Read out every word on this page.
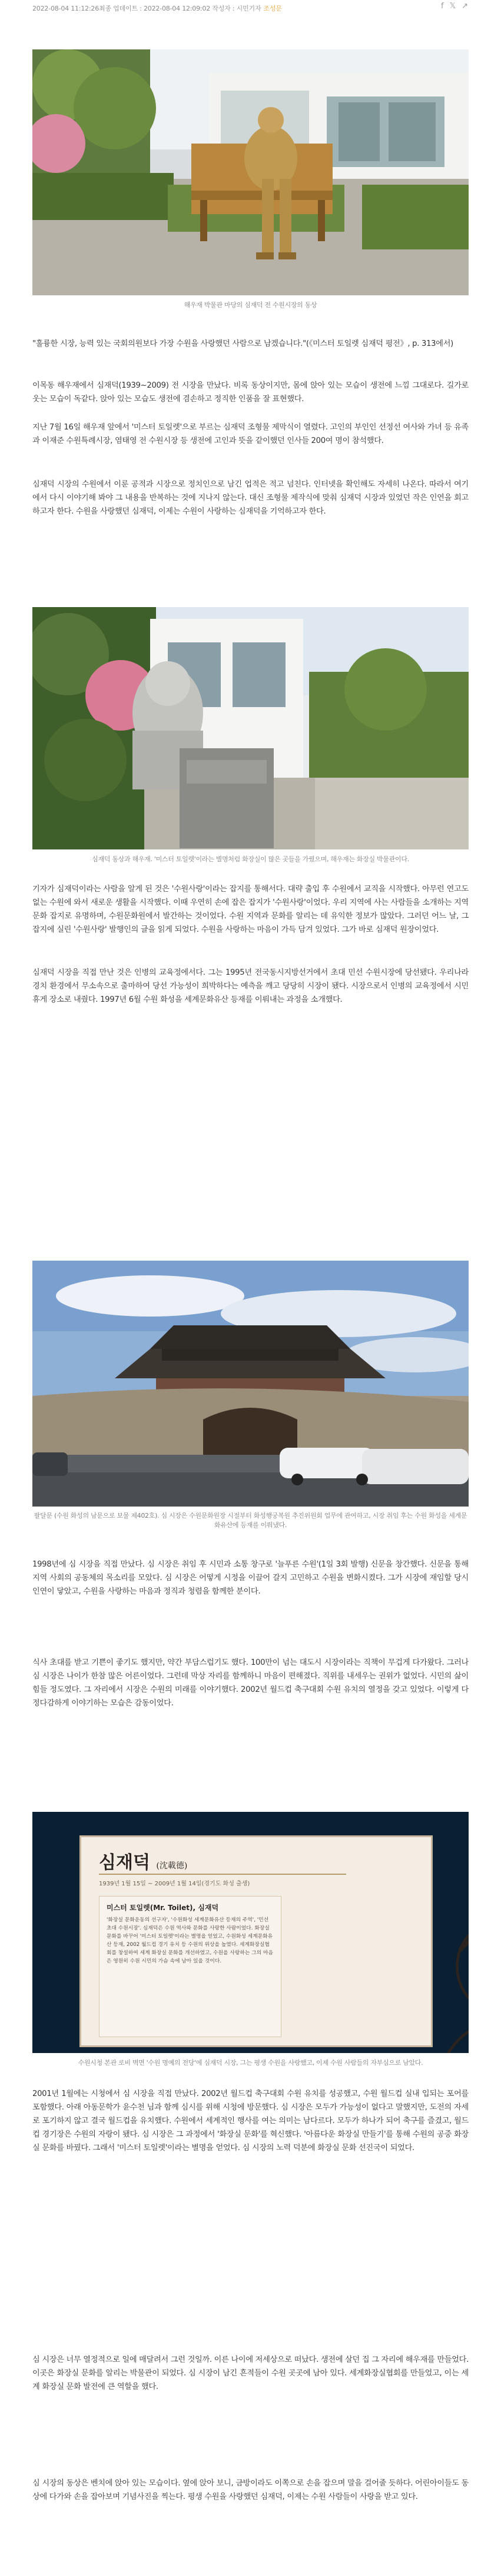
2022-08-04 11:12:26최종 업데이트 : 2022-08-04 12:09:02 작성자 : 시민기자 조성문	f 𝕏 ↗
해우재 박물관 마당의 심재덕 전 수원시장의 동상

"훌륭한 시장, 능력 있는 국회의원보다 가장 수원을 사랑했던 사람으로 남겠습니다."(《미스터 토일렛 심재덕 평전》, p. 313에서)

이목동 해우재에서 심재덕(1939~2009) 전 시장을 만났다. 비록 동상이지만, 몸에 앉아 있는 모습이 생전에 느낌 그대로다. 길가로 웃는 모습이 독같다. 앉아 있는 모습도 생전에 겸손하고 정직한 인품을 잘 표현했다.

지난 7월 16일 해우재 앞에서 '미스터 토일렛'으로 부르는 심재덕 조형물 제막식이 열렸다. 고인의 부인인 선정선 여사와 가녀 등 유족과 이재준 수원특례시장, 염태영 전 수원시장 등 생전에 고인과 뜻을 같이했던 인사들 200여 명이 참석했다.

심재덕 시장의 수원에서 이룬 공적과 시장으로 정치인으로 남긴 업적은 적고 넘친다. 인터넷을 확인해도 자세히 나온다. 따라서 여기에서 다시 이야기해 봐야 그 내용을 반복하는 것에 지나지 않는다. 대신 조형물 제작식에 맞춰 심재덕 시장과 있었던 작은 인연을 회고하고자 한다. 수원을 사랑했던 심재덕, 이제는 수원이 사랑하는 심재덕을 기억하고자 한다.

심재덕 동상과 해우재. '미스터 토일렛'이라는 별명처럼 화장실이 많은 곳들을 가꿨으며, 해우재는 화장실 박물관이다.

기자가 심재덕이라는 사람을 알게 된 것은 '수원사랑'이라는 잡지를 통해서다. 대략 출입 후 수원에서 교직을 시작했다. 아무런 연고도 없는 수원에 와서 새로운 생활을 시작했다. 이때 우연히 손에 잡은 잡지가 '수원사랑'이었다. 우리 지역에 사는 사람들을 소개하는 지역문화 잡지로 유명하며, 수원문화원에서 발간하는 것이었다. 수원 지역과 문화를 알리는 데 유익한 정보가 많았다. 그러던 어느 날, 그 잡지에 실린 '수원사랑' 발행인의 글을 읽게 되었다. 수원을 사랑하는 마음이 가득 담겨 있었다. 그가 바로 심재덕 원장이었다.

심재덕 시장을 직접 만난 것은 인병의 교육정에서다. 그는 1995년 전국동시지방선거에서 초대 민선 수원시장에 당선됐다. 우리나라 경치 환경에서 무소속으로 출마하여 당선 가능성이 희박하다는 예측을 깨고 당당히 시장이 됐다. 시장으로서 인병의 교육정에서 시민 휴게 장소로 내줬다. 1997년 6월 수원 화성을 세계문화유산 등재를 이뤄내는 과정을 소개했다.

팔달문 (수원 화성의 남문으로 보물 제402호). 심 시장은 수원문화원장 시절부터 화성행궁복원 추진위원회 업무에 관여하고, 시장 취임 후는 수원 화성을 세계문화유산에 등재를 이뤄냈다.

1998년에 심 시장을 직접 만났다. 심 시장은 취임 후 시민과 소통 창구로 '늘푸른 수원'(1일 3회 발행) 신문을 창간했다. 신문을 통해 지역 사회의 공동체의 목소리를 모았다. 심 시장은 어떻게 시정을 이끌어 갈지 고민하고 수원을 변화시켰다. 그가 시장에 재임할 당시 인연이 닿았고, 수원을 사랑하는 마음과 정직과 청렴을 함께한 분이다.

식사 초대를 받고 기쁜이 좋기도 했지만, 약간 부담스럽기도 했다. 100만이 넘는 대도시 시장이라는 직책이 무겁게 다가왔다. 그러나 심 시장은 나이가 한참 많은 어른이었다. 그런데 막상 자리를 함께하니 마음이 편해졌다. 직위를 내세우는 권위가 없었다. 시민의 삶이 힘들 정도였다. 그 자리에서 시장은 수원의 미래를 이야기했다. 2002년 월드컵 축구대회 수원 유치의 열정을 갖고 있었다. 이렇게 다정다감하게 이야기하는 모습은 감동이었다.

심재덕 (沈載德)
1939년 1월 15일 ~ 2009년 1월 14일(경기도 화성 출생)
미스터 토일렛(Mr. Toilet), 심재덕
'화장실 문화운동의 선구자', '수원화성 세계문화유산 등재의 주역', '민선 초대 수원시장'. 심재덕은 수원 역사와 문화를 사랑한 사람이었다. 화장실 문화를 바꾸어 '미스터 토일렛'이라는 별명을 얻었고, 수원화성 세계문화유산 등재, 2002 월드컵 경기 유치 등 수원의 위상을 높였다. 세계화장실협회를 창설하여 세계 화장실 문화를 개선하였고, 수원을 사랑하는 그의 마음은 영원히 수원 시민의 가슴 속에 남아 있을 것이다.
수원시청 본관 로비 벽면 '수원 명예의 전당'에 심재덕 시장, 그는 평생 수원을 사랑했고, 이제 수원 사람들의 자부심으로 남았다.

2001년 1월에는 시청에서 심 시장을 직접 만났다. 2002년 월드컵 축구대회 수원 유치를 성공했고, 수원 월드컵 실내 입되는 포어를 포함했다. 아래 아동문학가 윤수천 님과 함께 심시를 위해 시청에 방문했다. 심 시장은 모두가 가능성이 없다고 말했지만, 도전의 자세로 포기하지 않고 결국 월드컵을 유치했다. 수원에서 세계적인 행사를 여는 의미는 남다르다. 모두가 하나가 되어 축구를 즐겼고, 월드컵 경기장은 수원의 자랑이 됐다. 심 시장은 그 과정에서 '화장실 문화'를 혁신했다. '아름다운 화장실 만들기'를 통해 수원의 공중 화장실 문화를 바꿨다. 그래서 '미스터 토일렛'이라는 별명을 얻었다. 심 시장의 노력 덕분에 화장실 문화 선진국이 되었다.

심 시장은 너무 열정적으로 일에 매달려서 그런 것일까. 이른 나이에 저세상으로 떠났다. 생전에 살던 집 그 자리에 해우재를 만들었다. 이곳은 화장실 문화를 알리는 박물관이 되었다. 심 시장이 남긴 흔적들이 수원 곳곳에 남아 있다. 세계화장실협회를 만들었고, 이는 세계 화장실 문화 발전에 큰 역할을 했다.

심 시장의 동상은 벤치에 앉아 있는 모습이다. 옆에 앉아 보니, 금방이라도 이쪽으로 손을 잡으며 말을 걸어줄 듯하다. 어린아이들도 동상에 다가와 손을 잡아보며 기념사진을 찍는다. 평생 수원을 사랑했던 심재덕, 이제는 수원 사람들이 사랑을 받고 있다.
